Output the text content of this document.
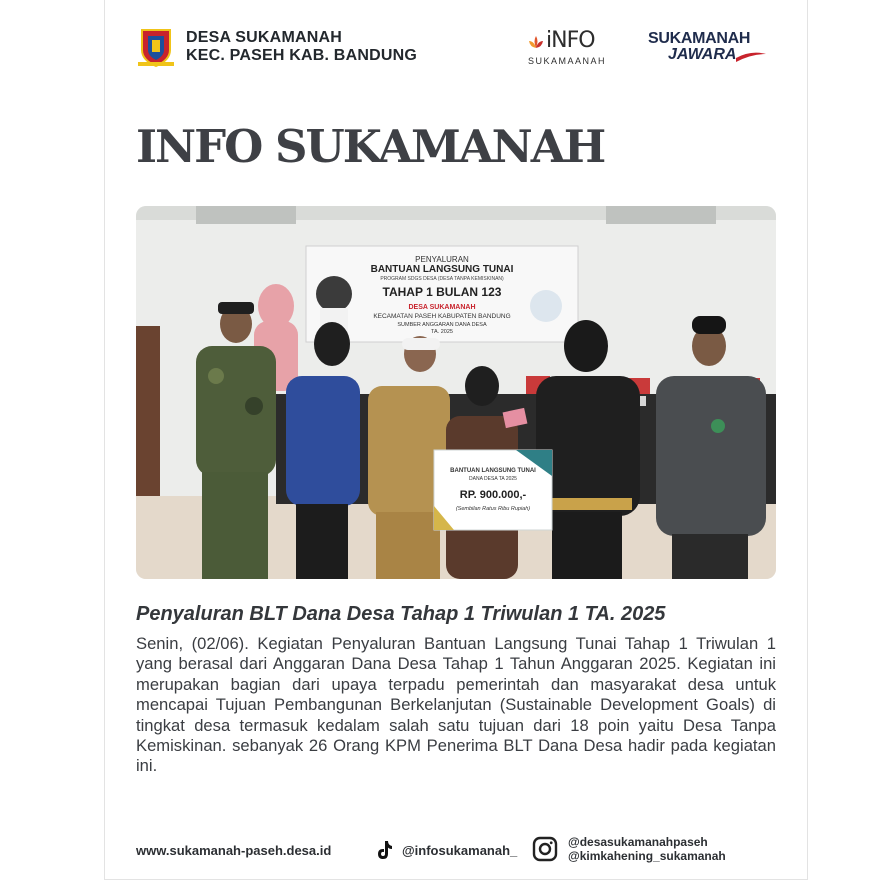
DESA SUKAMANAH
KEC. PASEH KAB. BANDUNG
iNFO
SUKAMAANAH
SUKAMANAH
JAWARA
INFO SUKAMANAH
PENYALURAN
BANTUAN LANGSUNG TUNAI
PROGRAM SDGS DESA (DESA TANPA KEMISKINAN)
TAHAP 1 BULAN 123
DESA SUKAMANAH
KECAMATAN PASEH KABUPATEN BANDUNG
SUMBER ANGGARAN DANA DESA
TA. 2025
BANTUAN LANGSUNG TUNAI
DANA DESA TA 2025
RP. 900.000,-
(Sembilan Ratus Ribu Rupiah)
Penyaluran BLT Dana Desa Tahap 1 Triwulan 1 TA. 2025
Senin, (02/06). Kegiatan Penyaluran Bantuan Langsung Tunai Tahap 1 Triwulan 1 yang berasal dari Anggaran Dana Desa Tahap 1 Tahun Anggaran 2025. Kegiatan ini merupakan bagian dari upaya terpadu pemerintah dan masyarakat desa untuk mencapai Tujuan Pembangunan Berkelanjutan (Sustainable Development Goals) di tingkat desa termasuk kedalam salah satu tujuan dari 18 poin yaitu Desa Tanpa Kemiskinan. sebanyak 26 Orang KPM Penerima BLT Dana Desa hadir pada kegiatan ini.
www.sukamanah-paseh.desa.id	@infosukamanah_
@desasukamanahpaseh
@kimkahening_sukamanah
